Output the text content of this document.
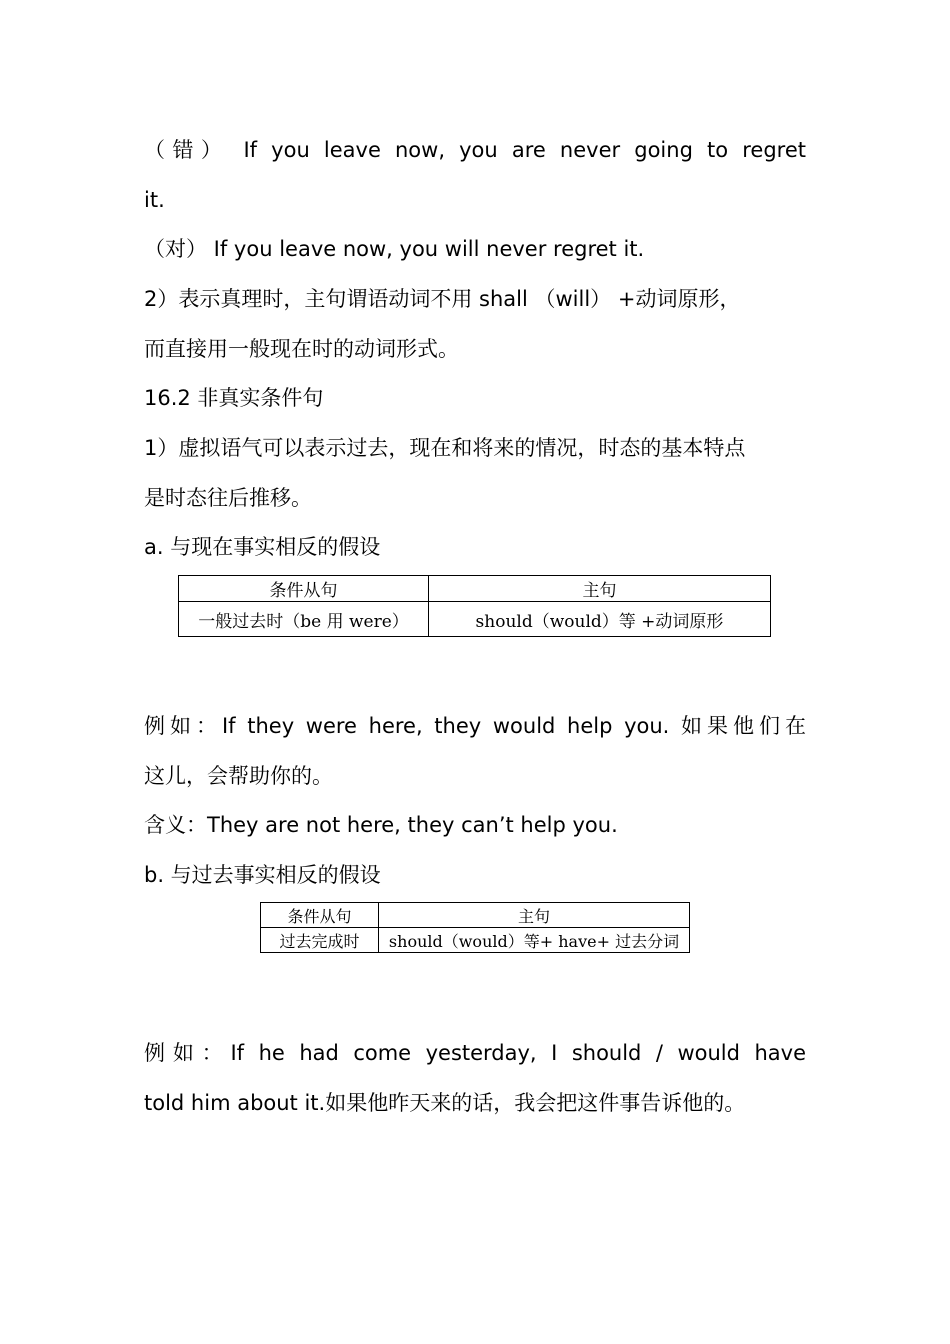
（错） If you leave now, you are never going to regret
it.
（对） If you leave now, you will never regret it.
2）表示真理时，主句谓语动词不用 shall （will） +动词原形，
而直接用一般现在时的动词形式。
16.2 非真实条件句
1）虚拟语气可以表示过去，现在和将来的情况，时态的基本特点
是时态往后推移。
a. 与现在事实相反的假设
条件从句	主句
一般过去时（be 用 were）	should（would）等 +动词原形
例如：If they were here, they would help you. 如果他们在
这儿，会帮助你的。
含义：They are not here, they can’t help you.
b. 与过去事实相反的假设
条件从句	主句
过去完成时	should（would）等+ have+ 过去分词
例如：If he had come yesterday, I should / would have
told him about it.如果他昨天来的话，我会把这件事告诉他的。
